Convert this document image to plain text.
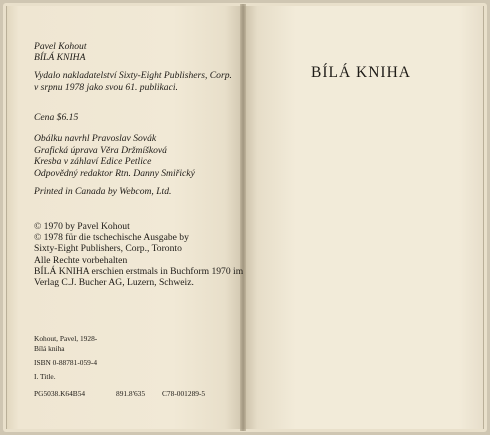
Pavel Kohout
BÍLÁ KNIHA
Vydalo nakladatelství Sixty-Eight Publishers, Corp.
v srpnu 1978 jako svou 61. publikaci.
Cena $6.15
Obálku navrhl Pravoslav Sovák
Grafická úprava Věra Držmíšková
Kresba v záhlaví Edice Petlice
Odpovědný redaktor Rtn. Danny Smiřický
Printed in Canada by Webcom, Ltd.
© 1970 by Pavel Kohout
© 1978 für die tschechische Ausgabe by
Sixty-Eight Publishers, Corp., Toronto
Alle Rechte vorbehalten
BÍLÁ KNIHA erschien erstmals in Buchform 1970 im
Verlag C.J. Bucher AG, Luzern, Schweiz.
Kohout, Pavel, 1928-
Bílá kniha
ISBN 0-88781-059-4
I. Title.
PG5038.K64B54	891.8'635 C78-001289-5
BÍLÁ KNIHA
